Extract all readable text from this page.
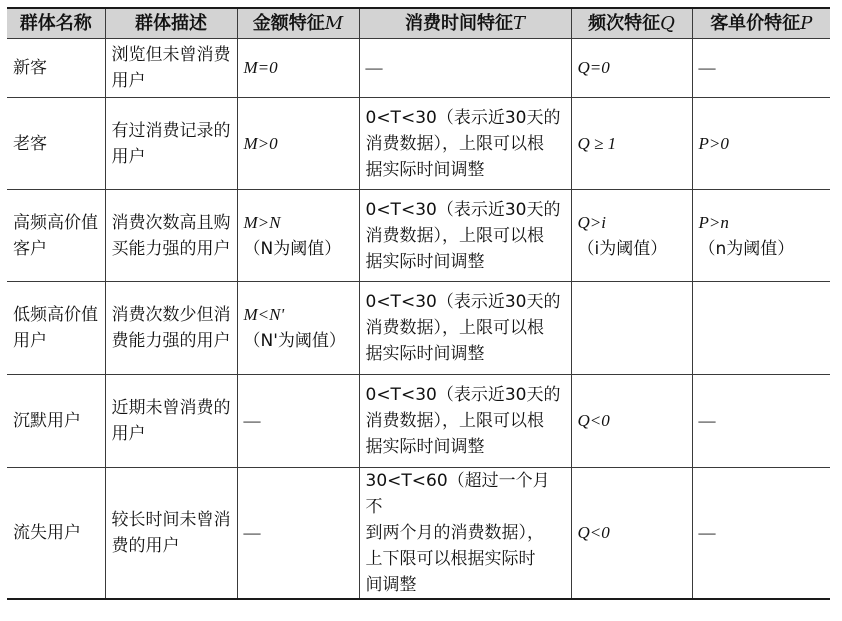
群体名称	群体描述	金额特征M	消费时间特征T	频次特征Q	客单价特征P
新客	浏览但未曾消费用户	M=0	—	Q=0	—

老客	有过消费记录的用户	M>0	0<T<30（表示近30天的
消费数据），上限可以根
据实际时间调整	Q ≥ 1	P>0

高频高价值客户	消费次数高且购买能力强的用户	M>N
（N为阈值）	0<T<30（表示近30天的
消费数据），上限可以根
据实际时间调整	Q>i
（i为阈值）	P>n
（n为阈值）

低频高价值用户	消费次数少但消费能力强的用户	M<N'
（N'为阈值）	0<T<30（表示近30天的
消费数据），上限可以根
据实际时间调整		

沉默用户	近期未曾消费的用户	—	0<T<30（表示近30天的
消费数据），上限可以根
据实际时间调整	Q<0	—

流失用户	较长时间未曾消费的用户	—	30<T<60（超过一个月不
到两个月的消费数据），
上下限可以根据实际时
间调整	Q<0	—
